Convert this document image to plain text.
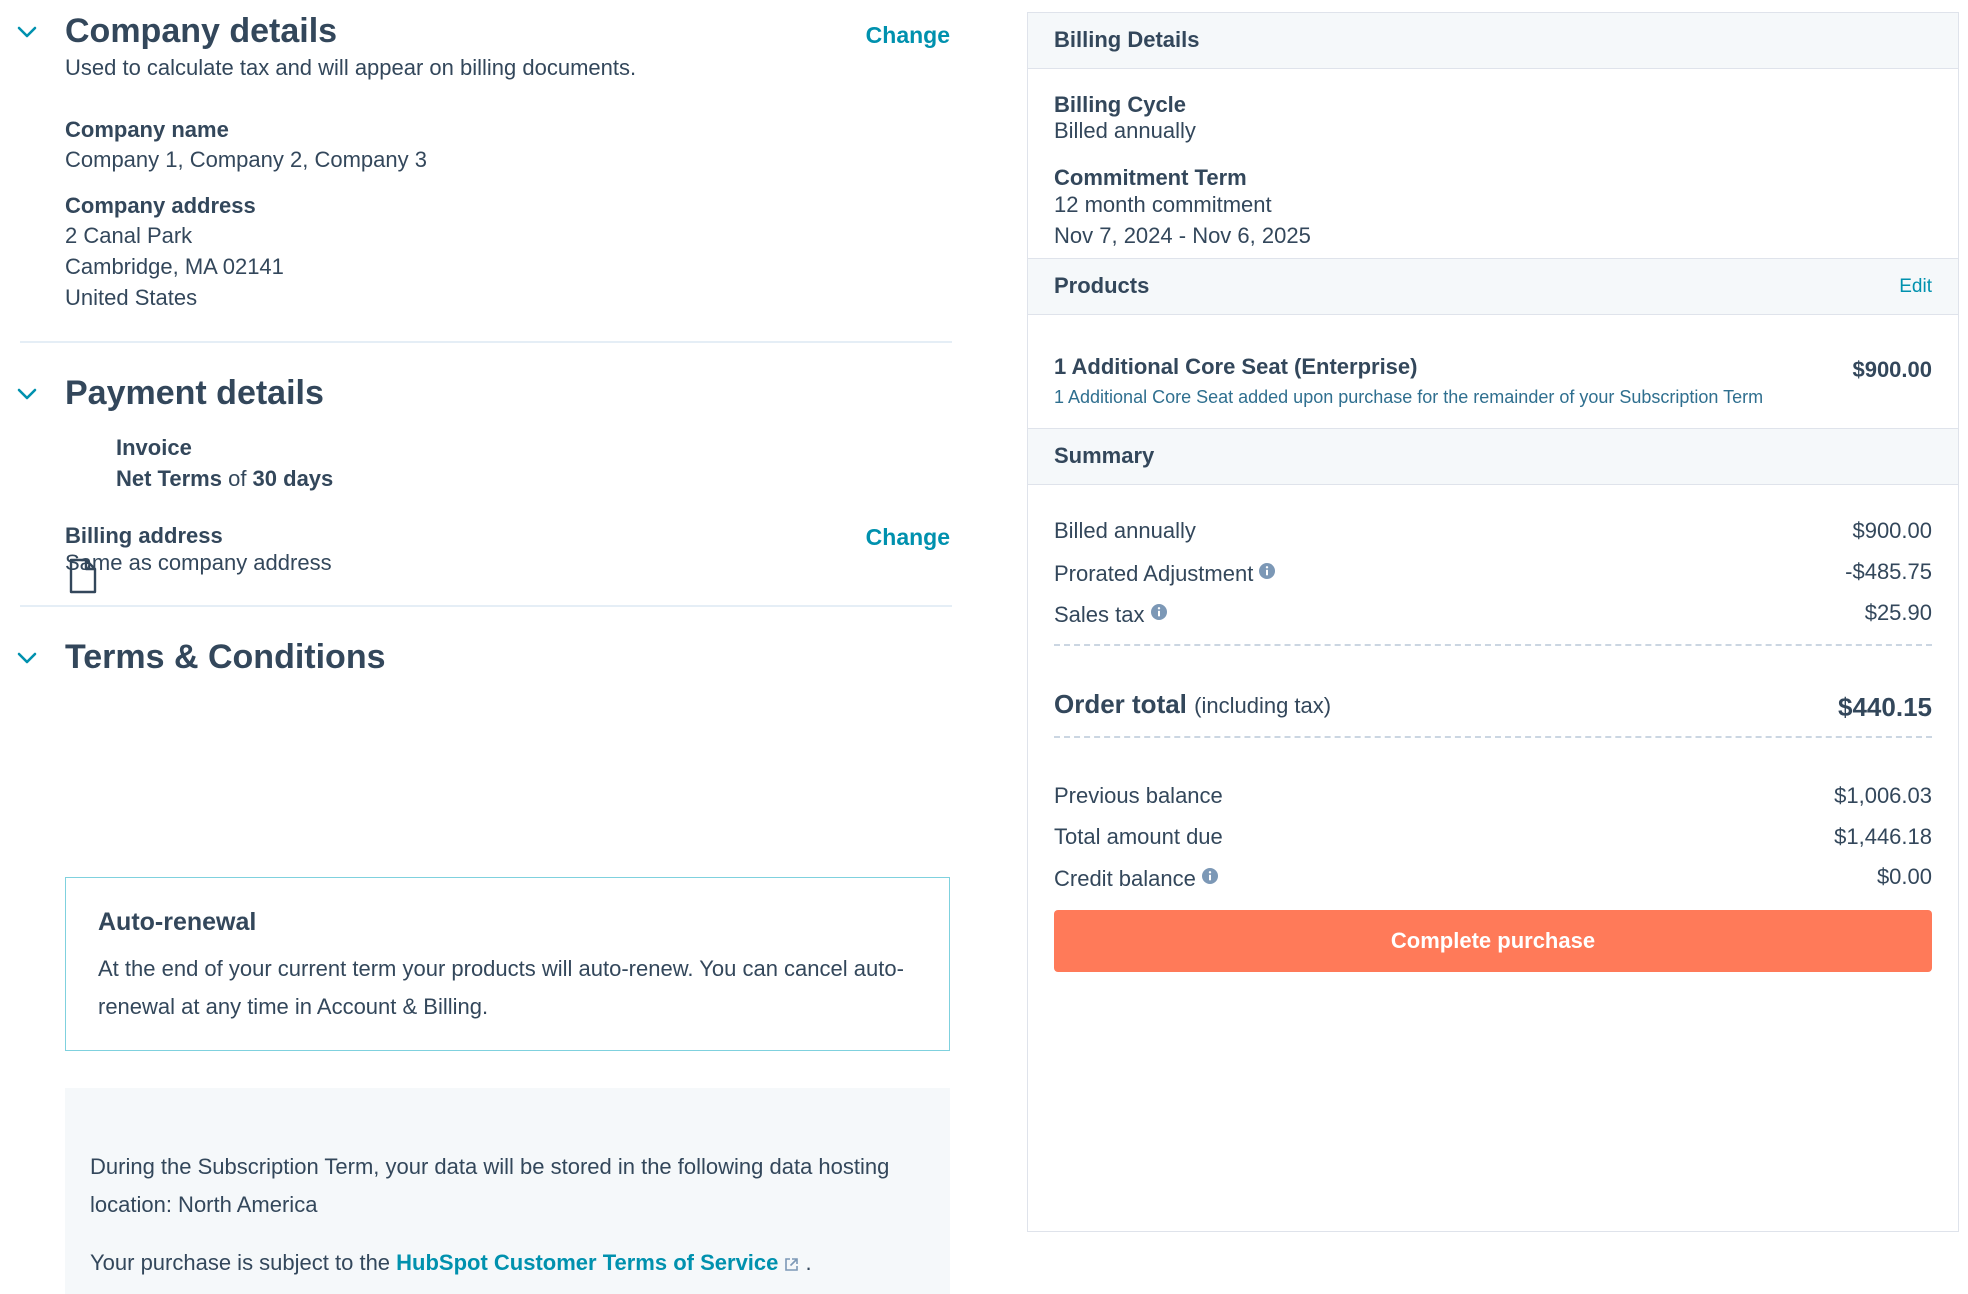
Company details	Change
Used to calculate tax and will appear on billing documents.
Company name
Company 1, Company 2, Company 3
Company address
2 Canal Park
Cambridge, MA 02141
United States
Payment details
Invoice
Net Terms of 30 days
Billing address	Change
Same as company address
Terms & Conditions
Auto-renewal
At the end of your current term your products will auto-renew. You can cancel auto-renewal at any time in Account & Billing.
During the Subscription Term, your data will be stored in the following data hosting location: North America
Your purchase is subject to the HubSpot Customer Terms of Service .
Billing Details
Billing Cycle
Billed annually
Commitment Term
12 month commitment
Nov 7, 2024 - Nov 6, 2025
Products	Edit
1 Additional Core Seat (Enterprise)	$900.00
1 Additional Core Seat added upon purchase for the remainder of your Subscription Term
Summary
Billed annually	$900.00
Prorated Adjustment	-$485.75
Sales tax	$25.90
Order total (including tax)	$440.15
Previous balance	$1,006.03
Total amount due	$1,446.18
Credit balance	$0.00
Complete purchase
